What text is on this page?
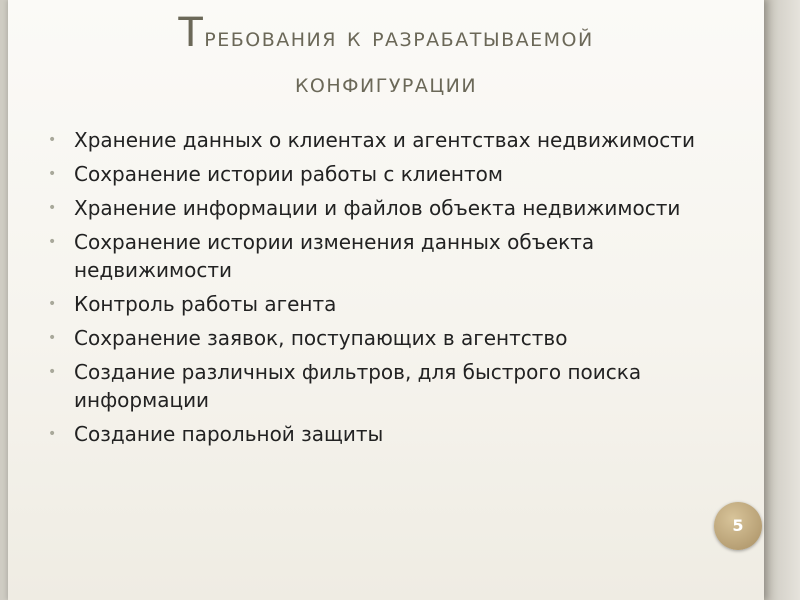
Требования к разрабатываемой
конфигурации
• Хранение данных о клиентах и агентствах недвижимости
• Сохранение истории работы с клиентом
• Хранение информации и файлов объекта недвижимости
• Сохранение истории изменения данных объекта недвижимости
• Контроль работы агента
• Сохранение заявок, поступающих в агентство
• Создание различных фильтров, для быстрого поиска информации
• Создание парольной защиты
5
